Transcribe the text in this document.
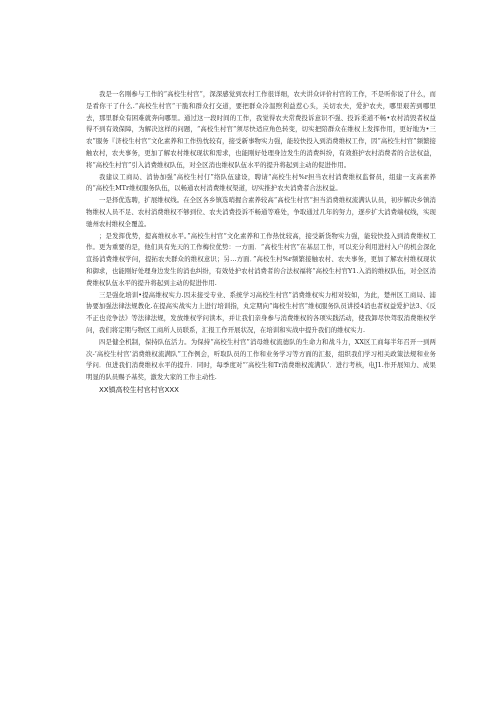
我是一名刚参与工作的“高校生村官“，深深感觉到农村工作很详细，农夫讲众评价村官的工作，不是听你说了什么，而是看你干了什么.“高校生村官“干脆和群众打交道，要把群众冷温煦利益惹心头，关切农夫，爱护农夫，哪里艰苦到哪里去，那里群众有困难就奔向哪里。通过这一段时间的工作，我觉得农夫常费投诉意识不强、投诉柔道不畅•农村消毁者权益得不到有效保障，为解决这样的问题，“高校生村官“须尽快适应角色转变，切实把陪群众在维权上发挥作用，更好地为•三农”服务『济校生村官“文化素养和工作热忱较有，接受新事物实力强，能较快投入到消费维权工作，因“高校生村官”频繁接触农村，农夫事务，更加了解农村维权现状和需求，也能刚好处理身边发生的消费纠纷，有效推护农村消费者的合法权益，将“高校生村官”引入消费维权队伍，对全区消也维权队伍水平的提升将起到主动的促进作用。

我建议工商局、消协加强“高校生村仃”络队伍建设，聘请“高校生村%r担当农村消费维权监督员，组建一支高素养的“高校生MTr维权服务队伍，以畅通农村消费维权渠道，切实推护农夫消费者合法权益。

一是择优选聘，扩展维权线。在全区各乡镇选哨握合素养较高“高校生村官“担当消费维权流满认认员，初步解决乡镇消物维权人员不足、农村消费维权不够到位、农夫消费投诉不畅通等难处，争取通过几年的努力，逐步扩大消费端权线，实现驰州农村维权全覆盖。

；是发挥优势，提高维权水平。”高校生村官“文化素养和工作热忱较高，接受新货物实力强，能较快投入到消费维权工作。更为重要的是，他们具有先天的工作梅位优势：一方面．“高校生村官”在基层工作，可以充分利用进村入户的机会深化宣扬消费维权学问，提拓农夫群众的维权意识；另…方面．”高校生村%r频繁接触农村、农夫事务，更加了解农村维权现状和御求，也能刚好处理身边发生的消也纠纷，有效处护农村消费者的合法权福将“高校生村官Y1.入消的维权队伍，对全区消费维权队伍水平的提升将起到主动的促进作用.

三是强化培训•提高维权实力.因未接受专业、系统学习高校生村官”消费维权实力相对较如，为此，楚州区工商局、浦协要加强法律法规教化.在提高实战实力上进行培训指，丸定期向“诲校生村官“维权服务队员讲授4消也者权益爱护法3、《反不正也竞争法》等法律法规，发放维权学问读本，并让我们亲身参与消费维权的各项实践活动，使我卸尽快驾驭消费维权学问，我们将定期与物区工商所人员联系，汇报工作开展状况，在培训和实战中提升我们的维权实力.

四是健全机制，保持队伍活力。为保持“高校生村官”消母维权流德队的生命力和战斗力，XX区工商每半年召开一到两次-’高校生村官’消费维权流满队”工作例会，听取队员的工作和业务学习等方面的汇报，组织我们学习相关政策法规和业务学问．但进我们消费维权水平的提升．同时，每季度对“’高校生和Tr消费维权流满队’．进行考核，电J1.作开展知力、成果明显的队员赐予基奖，激发大家的工作主动性.

XX镇高校生村官村官XXX
